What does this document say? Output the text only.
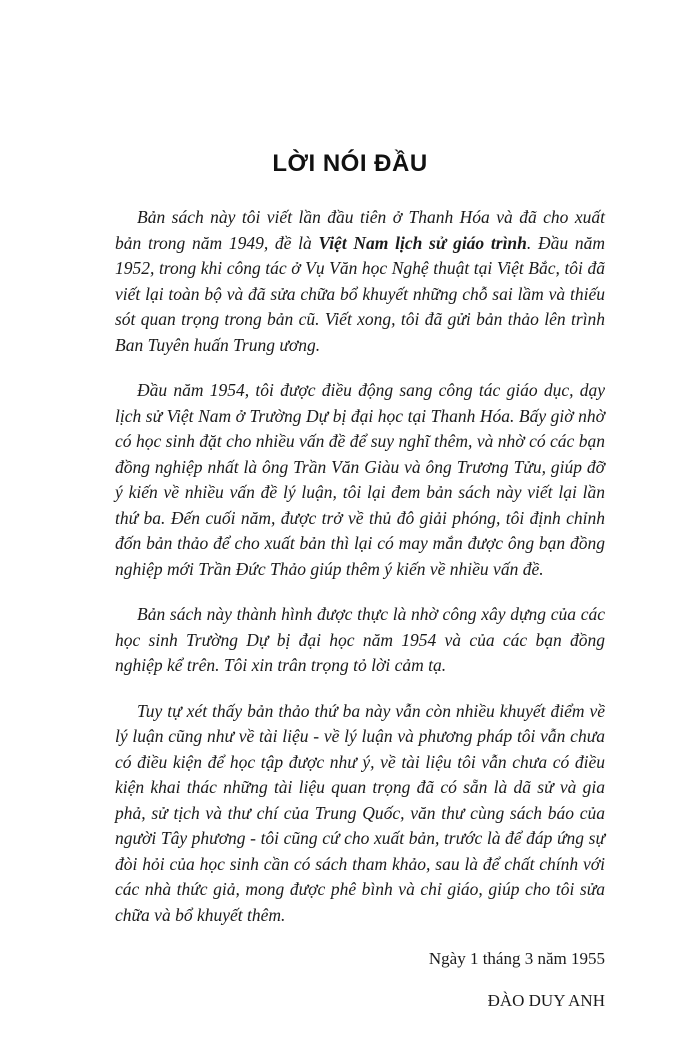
LỜI NÓI ĐẦU

Bản sách này tôi viết lần đầu tiên ở Thanh Hóa và đã cho xuất bản trong năm 1949, đề là Việt Nam lịch sử giáo trình. Đầu năm 1952, trong khi công tác ở Vụ Văn học Nghệ thuật tại Việt Bắc, tôi đã viết lại toàn bộ và đã sửa chữa bổ khuyết những chỗ sai lầm và thiếu sót quan trọng trong bản cũ. Viết xong, tôi đã gửi bản thảo lên trình Ban Tuyên huấn Trung ương.

Đầu năm 1954, tôi được điều động sang công tác giáo dục, dạy lịch sử Việt Nam ở Trường Dự bị đại học tại Thanh Hóa. Bấy giờ nhờ có học sinh đặt cho nhiều vấn đề để suy nghĩ thêm, và nhờ có các bạn đồng nghiệp nhất là ông Trần Văn Giàu và ông Trương Tửu, giúp đỡ ý kiến về nhiều vấn đề lý luận, tôi lại đem bản sách này viết lại lần thứ ba. Đến cuối năm, được trở về thủ đô giải phóng, tôi định chỉnh đốn bản thảo để cho xuất bản thì lại có may mắn được ông bạn đồng nghiệp mới Trần Đức Thảo giúp thêm ý kiến về nhiều vấn đề.

Bản sách này thành hình được thực là nhờ công xây dựng của các học sinh Trường Dự bị đại học năm 1954 và của các bạn đồng nghiệp kể trên. Tôi xin trân trọng tỏ lời cảm tạ.

Tuy tự xét thấy bản thảo thứ ba này vẫn còn nhiều khuyết điểm về lý luận cũng như về tài liệu - về lý luận và phương pháp tôi vẫn chưa có điều kiện để học tập được như ý, về tài liệu tôi vẫn chưa có điều kiện khai thác những tài liệu quan trọng đã có sẵn là dã sử và gia phả, sử tịch và thư chí của Trung Quốc, văn thư cùng sách báo của người Tây phương - tôi cũng cứ cho xuất bản, trước là để đáp ứng sự đòi hỏi của học sinh cần có sách tham khảo, sau là để chất chính với các nhà thức giả, mong được phê bình và chỉ giáo, giúp cho tôi sửa chữa và bổ khuyết thêm.

Ngày 1 tháng 3 năm 1955
ĐÀO DUY ANH
